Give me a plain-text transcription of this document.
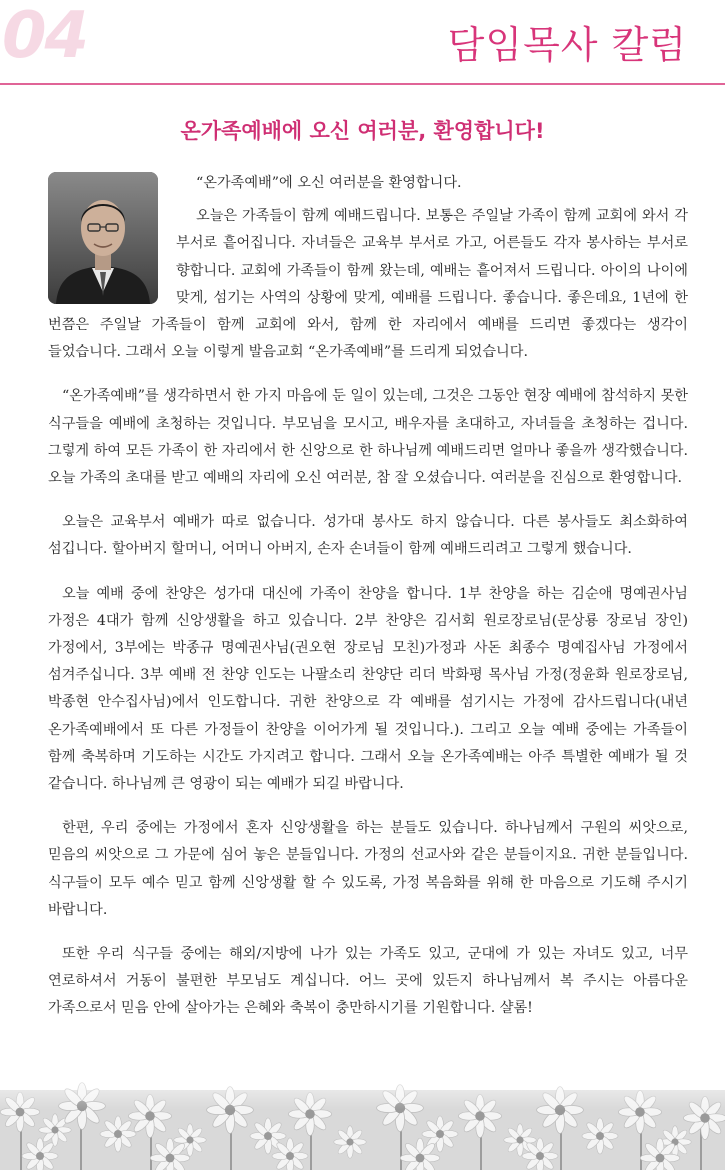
04	담임목사 칼럼
온가족예배에 오신 여러분, 환영합니다!

“온가족예배”에 오신 여러분을 환영합니다.

오늘은 가족들이 함께 예배드립니다. 보통은 주일날 가족이 함께 교회에 와서 각 부서로 흩어집니다. 자녀들은 교육부 부서로 가고, 어른들도 각자 봉사하는 부서로 향합니다. 교회에 가족들이 함께 왔는데, 예배는 흩어져서 드립니다. 아이의 나이에 맞게, 섬기는 사역의 상황에 맞게, 예배를 드립니다. 좋습니다. 좋은데요, 1년에 한 번쯤은 주일날 가족들이 함께 교회에 와서, 함께 한 자리에서 예배를 드리면 좋겠다는 생각이 들었습니다. 그래서 오늘 이렇게 발음교회 “온가족예배”를 드리게 되었습니다.

“온가족예배”를 생각하면서 한 가지 마음에 둔 일이 있는데, 그것은 그동안 현장 예배에 참석하지 못한 식구들을 예배에 초청하는 것입니다. 부모님을 모시고, 배우자를 초대하고, 자녀들을 초청하는 겁니다. 그렇게 하여 모든 가족이 한 자리에서 한 신앙으로 한 하나님께 예배드리면 얼마나 좋을까 생각했습니다. 오늘 가족의 초대를 받고 예배의 자리에 오신 여러분, 참 잘 오셨습니다. 여러분을 진심으로 환영합니다.

오늘은 교육부서 예배가 따로 없습니다. 성가대 봉사도 하지 않습니다. 다른 봉사들도 최소화하여 섬깁니다. 할아버지 할머니, 어머니 아버지, 손자 손녀들이 함께 예배드리려고 그렇게 했습니다.

오늘 예배 중에 찬양은 성가대 대신에 가족이 찬양을 합니다. 1부 찬양을 하는 김순애 명예권사님 가정은 4대가 함께 신앙생활을 하고 있습니다. 2부 찬양은 김서회 원로장로님(문상룡 장로님 장인) 가정에서, 3부에는 박종규 명예권사님(권오현 장로님 모친)가정과 사돈 최종수 명예집사님 가정에서 섬겨주십니다. 3부 예배 전 찬양 인도는 나팔소리 찬양단 리더 박화평 목사님 가정(정윤화 원로장로님, 박종현 안수집사님)에서 인도합니다. 귀한 찬양으로 각 예배를 섬기시는 가정에 감사드립니다(내년 온가족예배에서 또 다른 가정들이 찬양을 이어가게 될 것입니다.). 그리고 오늘 예배 중에는 가족들이 함께 축복하며 기도하는 시간도 가지려고 합니다. 그래서 오늘 온가족예배는 아주 특별한 예배가 될 것 같습니다. 하나님께 큰 영광이 되는 예배가 되길 바랍니다.

한편, 우리 중에는 가정에서 혼자 신앙생활을 하는 분들도 있습니다. 하나님께서 구원의 씨앗으로, 믿음의 씨앗으로 그 가문에 심어 놓은 분들입니다. 가정의 선교사와 같은 분들이지요. 귀한 분들입니다. 식구들이 모두 예수 믿고 함께 신앙생활 할 수 있도록, 가정 복음화를 위해 한 마음으로 기도해 주시기 바랍니다.

또한 우리 식구들 중에는 해외/지방에 나가 있는 가족도 있고, 군대에 가 있는 자녀도 있고, 너무 연로하셔서 거동이 불편한 부모님도 계십니다. 어느 곳에 있든지 하나님께서 복 주시는 아름다운 가족으로서 믿음 안에 살아가는 은혜와 축복이 충만하시기를 기원합니다. 샬롬!
